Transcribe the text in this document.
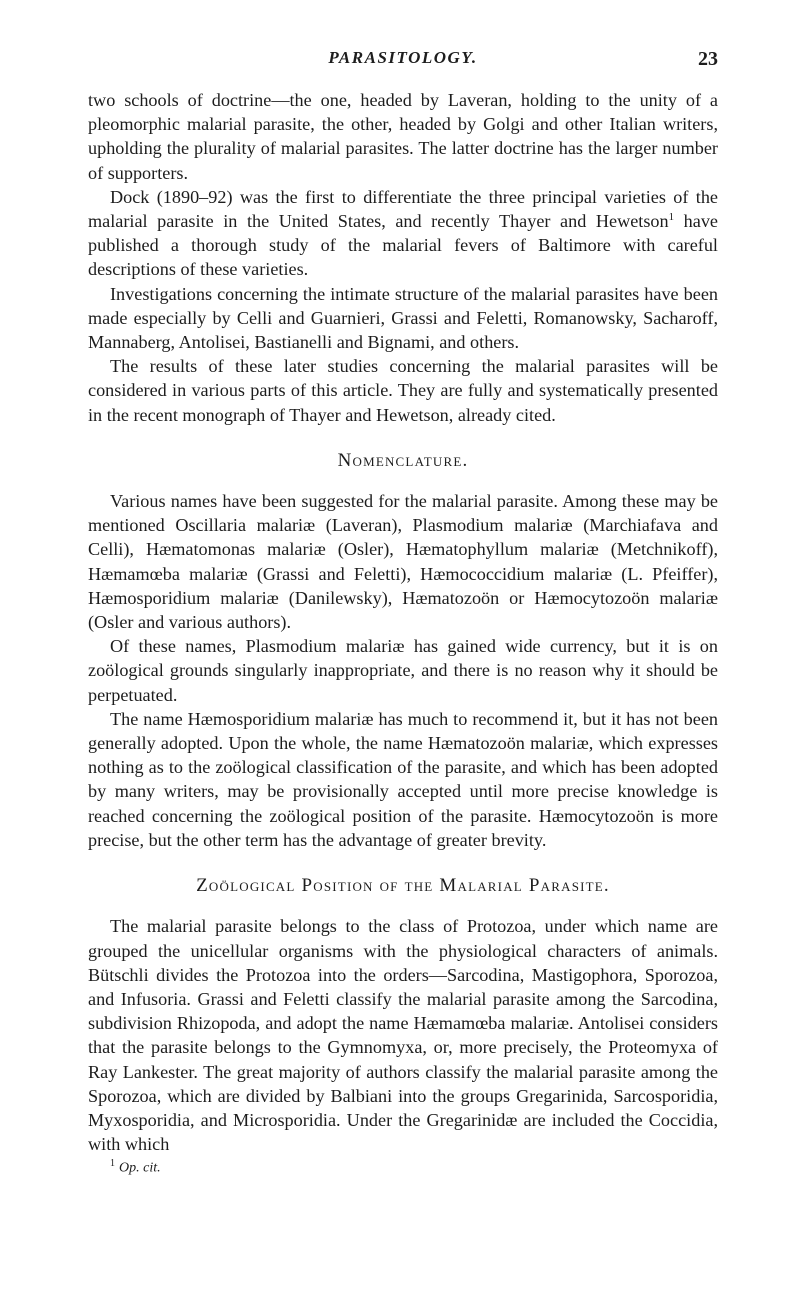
PARASITOLOGY.	23

two schools of doctrine—the one, headed by Laveran, holding to the unity of a pleomorphic malarial parasite, the other, headed by Golgi and other Italian writers, upholding the plurality of malarial parasites. The latter doctrine has the larger number of supporters.

Dock (1890–92) was the first to differentiate the three principal varieties of the malarial parasite in the United States, and recently Thayer and Hewetson$^1$ have published a thorough study of the malarial fevers of Baltimore with careful descriptions of these varieties.

Investigations concerning the intimate structure of the malarial parasites have been made especially by Celli and Guarnieri, Grassi and Feletti, Romanowsky, Sacharoff, Mannaberg, Antolisei, Bastianelli and Bignami, and others.

The results of these later studies concerning the malarial parasites will be considered in various parts of this article. They are fully and systematically presented in the recent monograph of Thayer and Hewetson, already cited.

Nomenclature.

Various names have been suggested for the malarial parasite. Among these may be mentioned Oscillaria malariæ (Laveran), Plasmodium malariæ (Marchiafava and Celli), Hæmatomonas malariæ (Osler), Hæmatophyllum malariæ (Metchnikoff), Hæmamœba malariæ (Grassi and Feletti), Hæmococcidium malariæ (L. Pfeiffer), Hæmosporidium malariæ (Danilewsky), Hæmatozoön or Hæmocytozoön malariæ (Osler and various authors).

Of these names, Plasmodium malariæ has gained wide currency, but it is on zoölogical grounds singularly inappropriate, and there is no reason why it should be perpetuated.

The name Hæmosporidium malariæ has much to recommend it, but it has not been generally adopted. Upon the whole, the name Hæmatozoön malariæ, which expresses nothing as to the zoölogical classification of the parasite, and which has been adopted by many writers, may be provisionally accepted until more precise knowledge is reached concerning the zoölogical position of the parasite. Hæmocytozoön is more precise, but the other term has the advantage of greater brevity.

Zoölogical Position of the Malarial Parasite.

The malarial parasite belongs to the class of Protozoa, under which name are grouped the unicellular organisms with the physiological characters of animals. Bütschli divides the Protozoa into the orders—Sarcodina, Mastigophora, Sporozoa, and Infusoria. Grassi and Feletti classify the malarial parasite among the Sarcodina, subdivision Rhizopoda, and adopt the name Hæmamœba malariæ. Antolisei considers that the parasite belongs to the Gymnomyxa, or, more precisely, the Proteomyxa of Ray Lankester. The great majority of authors classify the malarial parasite among the Sporozoa, which are divided by Balbiani into the groups Gregarinida, Sarcosporidia, Myxosporidia, and Microsporidia. Under the Gregarinidæ are included the Coccidia, with which

$^1$ Op. cit.
